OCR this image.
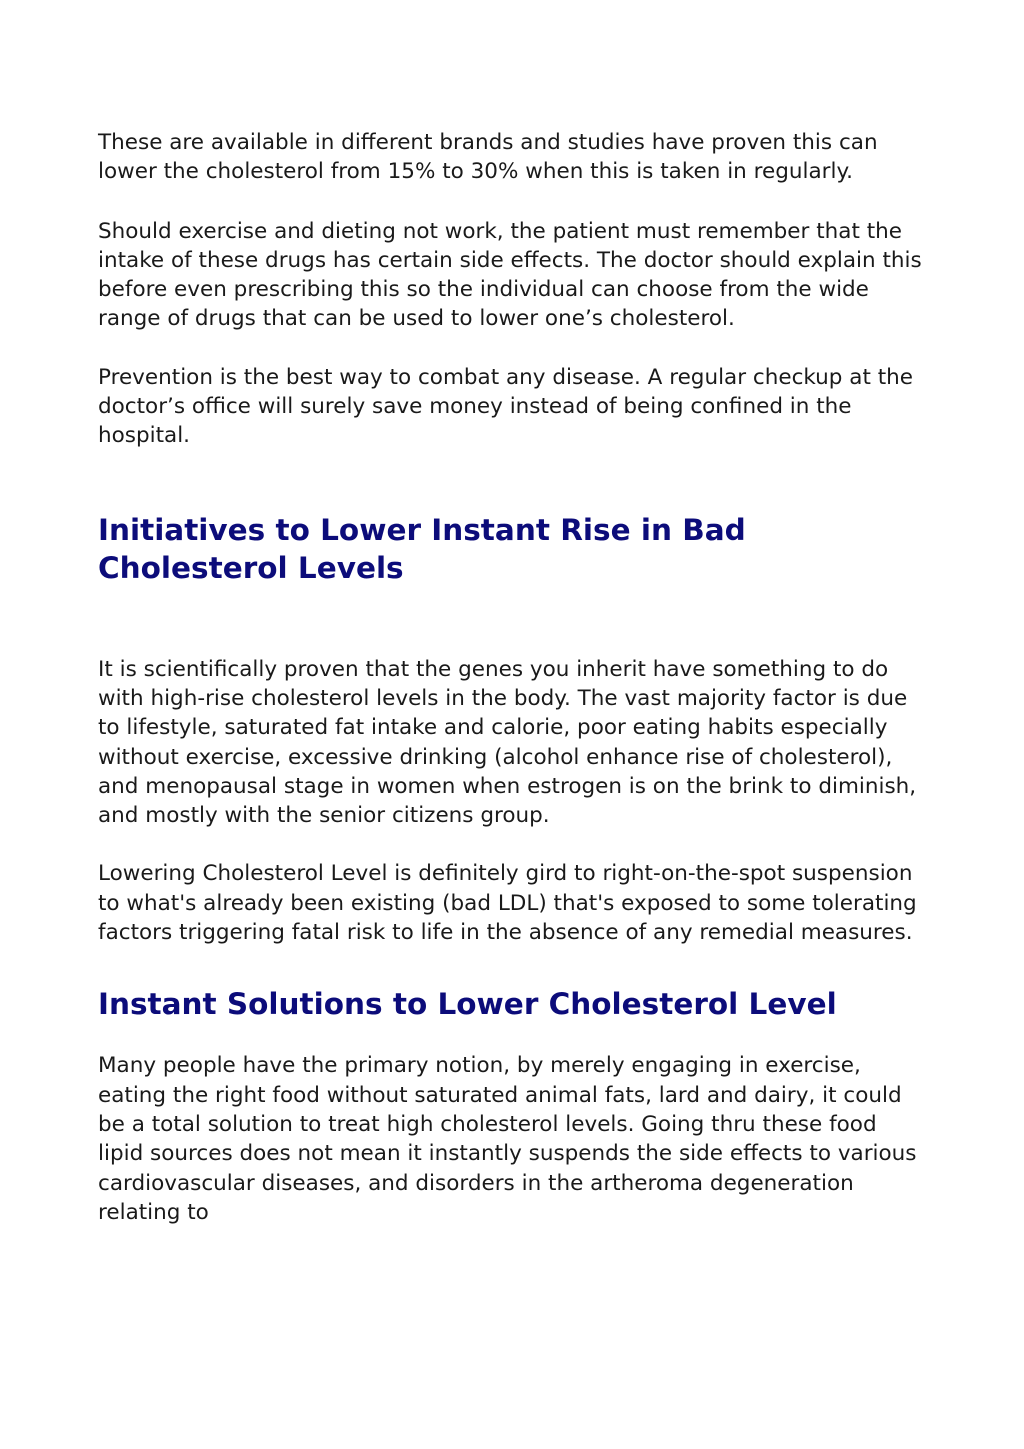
These are available in different brands and studies have proven this can lower the cholesterol from 15% to 30% when this is taken in regularly.

Should exercise and dieting not work, the patient must remember that the intake of these drugs has certain side effects. The doctor should explain this before even prescribing this so the individual can choose from the wide range of drugs that can be used to lower one’s cholesterol.

Prevention is the best way to combat any disease. A regular checkup at the doctor’s office will surely save money instead of being confined in the hospital.

Initiatives to Lower Instant Rise in Bad Cholesterol Levels

It is scientifically proven that the genes you inherit have something to do with high-rise cholesterol levels in the body. The vast majority factor is due to lifestyle, saturated fat intake and calorie, poor eating habits especially without exercise, excessive drinking (alcohol enhance rise of cholesterol), and menopausal stage in women when estrogen is on the brink to diminish, and mostly with the senior citizens group.

Lowering Cholesterol Level is definitely gird to right-on-the-spot suspension to what's already been existing (bad LDL) that's exposed to some tolerating factors triggering fatal risk to life in the absence of any remedial measures.

Instant Solutions to Lower Cholesterol Level

Many people have the primary notion, by merely engaging in exercise, eating the right food without saturated animal fats, lard and dairy, it could be a total solution to treat high cholesterol levels. Going thru these food lipid sources does not mean it instantly suspends the side effects to various cardiovascular diseases, and disorders in the artheroma degeneration relating to
